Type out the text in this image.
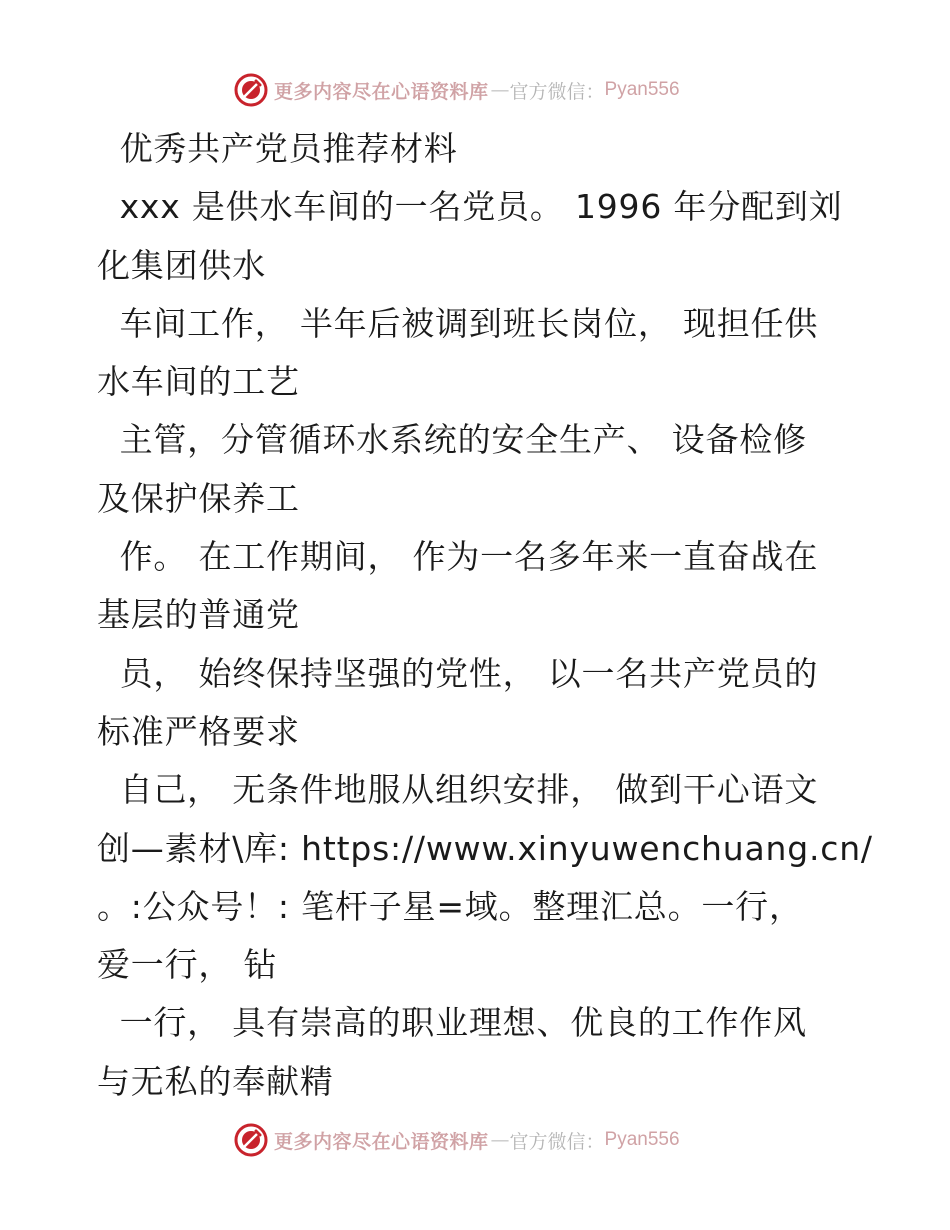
更多内容尽在心语资料库 — 官方微信： Pyan556
优秀共产党员推荐材料
xxx 是供水车间的一名党员。 1996 年分配到刘
化集团供水
车间工作， 半年后被调到班长岗位， 现担任供
水车间的工艺
主管，分管循环水系统的安全生产、 设备检修
及保护保养工
作。 在工作期间， 作为一名多年来一直奋战在
基层的普通党
员， 始终保持坚强的党性， 以一名共产党员的
标准严格要求
自己， 无条件地服从组织安排， 做到干心语文
创—素材\库: https://www.xinyuwenchuang.cn/
。:公众号！: 笔杆子星=域。整理汇总。一行，
爱一行， 钻
一行， 具有崇高的职业理想、优良的工作作风
与无私的奉献精
更多内容尽在心语资料库 — 官方微信： Pyan556
